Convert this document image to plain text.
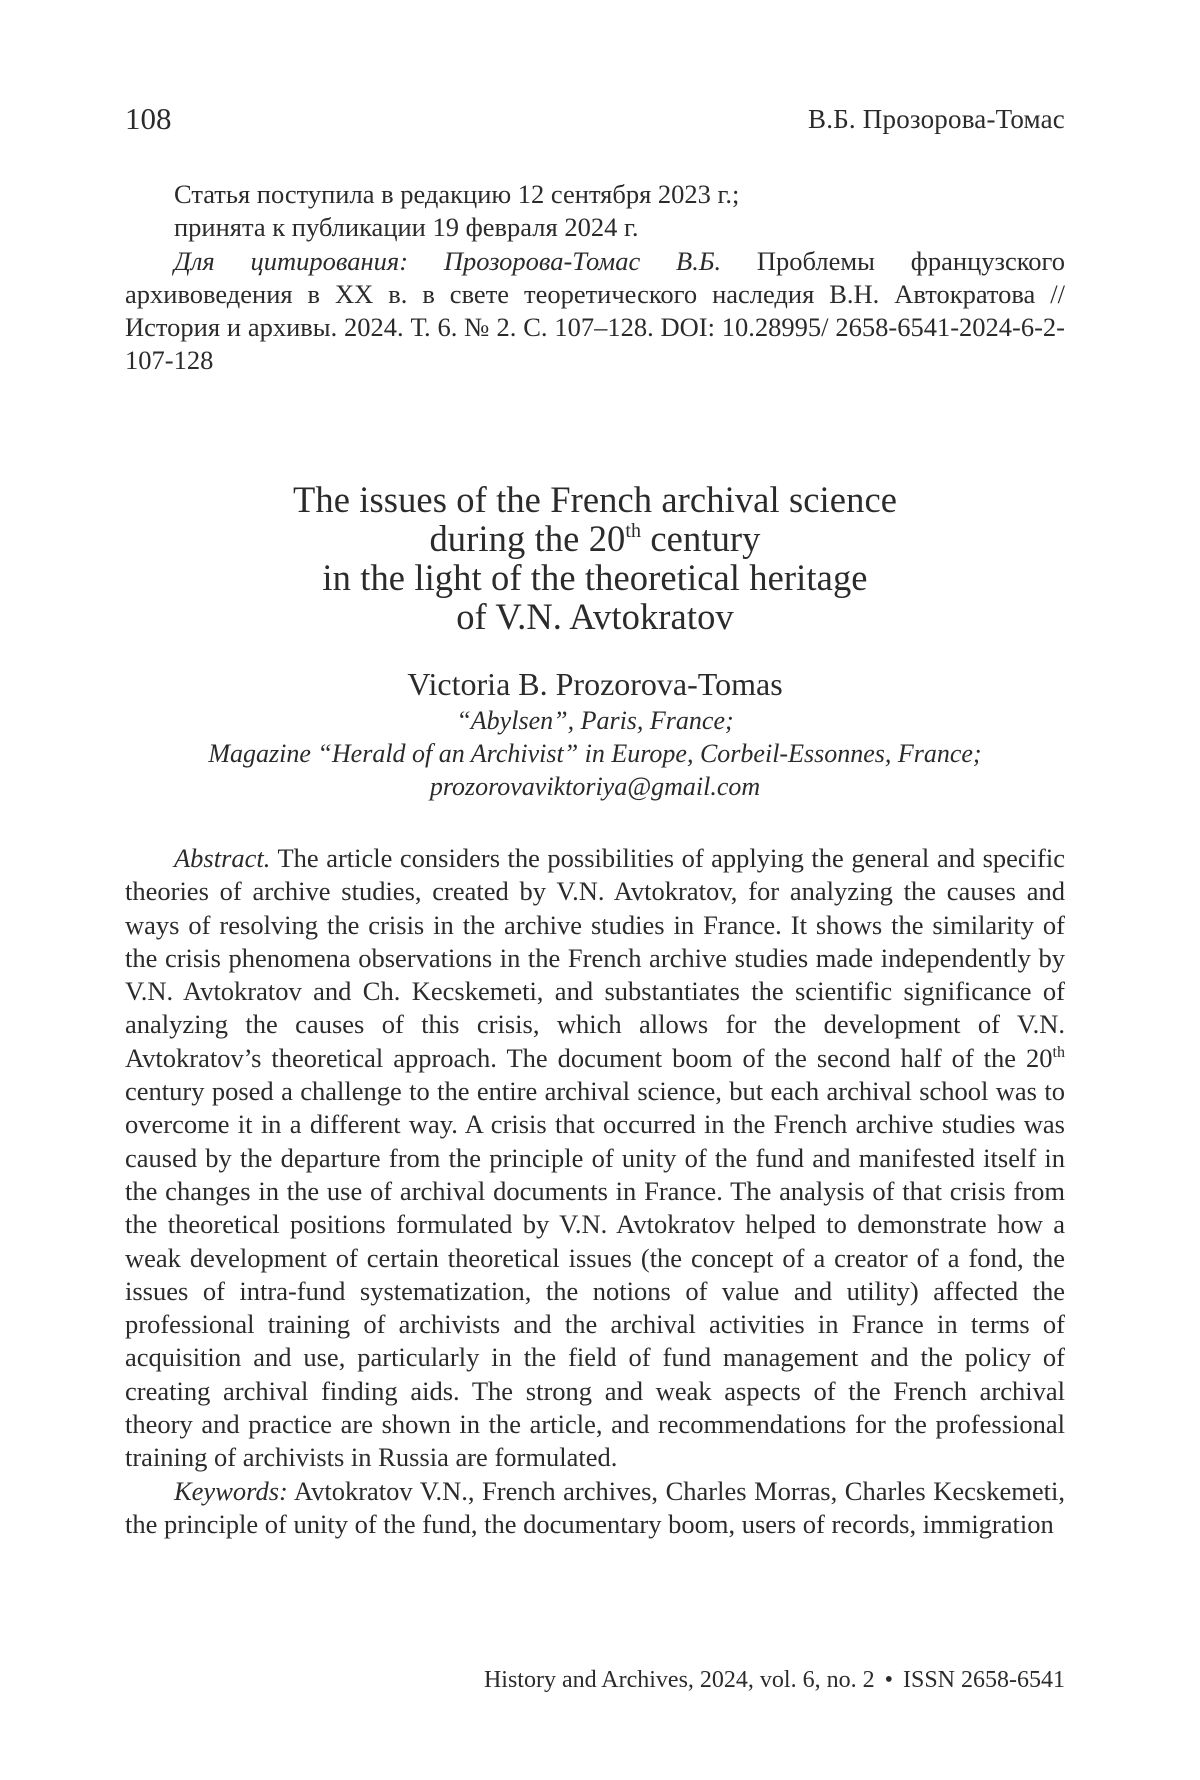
108	В.Б. Прозорова-Томас

Статья поступила в редакцию 12 сентября 2023 г.;

принята к публикации 19 февраля 2024 г.

Для цитирования: Прозорова-Томас В.Б. Проблемы французского архивоведения в XX в. в свете теоретического наследия В.Н. Автократова // История и архивы. 2024. Т. 6. № 2. С. 107–128. DOI: 10.28995/ 2658-6541-2024-6-2-107-128

The issues of the French archival science

during the 20th century

in the light of the theoretical heritage

of V.N. Avtokratov

Victoria B. Prozorova-Tomas

“Abylsen”, Paris, France;

Magazine “Herald of an Archivist” in Europe, Corbeil-Essonnes, France;

prozorovaviktoriya@gmail.com

Abstract. The article considers the possibilities of applying the general and specific theories of archive studies, created by V.N. Avtokratov, for analyzing the causes and ways of resolving the crisis in the archive studies in France. It shows the similarity of the crisis phenomena observations in the French archive studies made independently by V.N. Avtokratov and Ch. Kecskemeti, and substantiates the scientific significance of analyzing the causes of this crisis, which allows for the development of V.N. Avtokratov’s theoretical approach. The document boom of the second half of the 20th century posed a challenge to the entire archival science, but each archival school was to overcome it in a different way. A crisis that occurred in the French archive studies was caused by the departure from the principle of unity of the fund and manifested itself in the changes in the use of archival documents in France. The analysis of that crisis from the theoretical positions formulated by V.N. Avtokratov helped to demonstrate how a weak development of certain theoretical issues (the concept of a creator of a fond, the issues of intra-fund systematization, the notions of value and utility) affected the professional training of archivists and the archival activities in France in terms of acquisition and use, particularly in the field of fund management and the policy of creating archival finding aids. The strong and weak aspects of the French archival theory and practice are shown in the article, and recommendations for the professional training of archivists in Russia are formulated.

Keywords: Avtokratov V.N., French archives, Charles Morras, Charles Kecskemeti, the principle of unity of the fund, the documentary boom, users of records, immigration

History and Archives, 2024, vol. 6, no. 2 • ISSN 2658-6541
